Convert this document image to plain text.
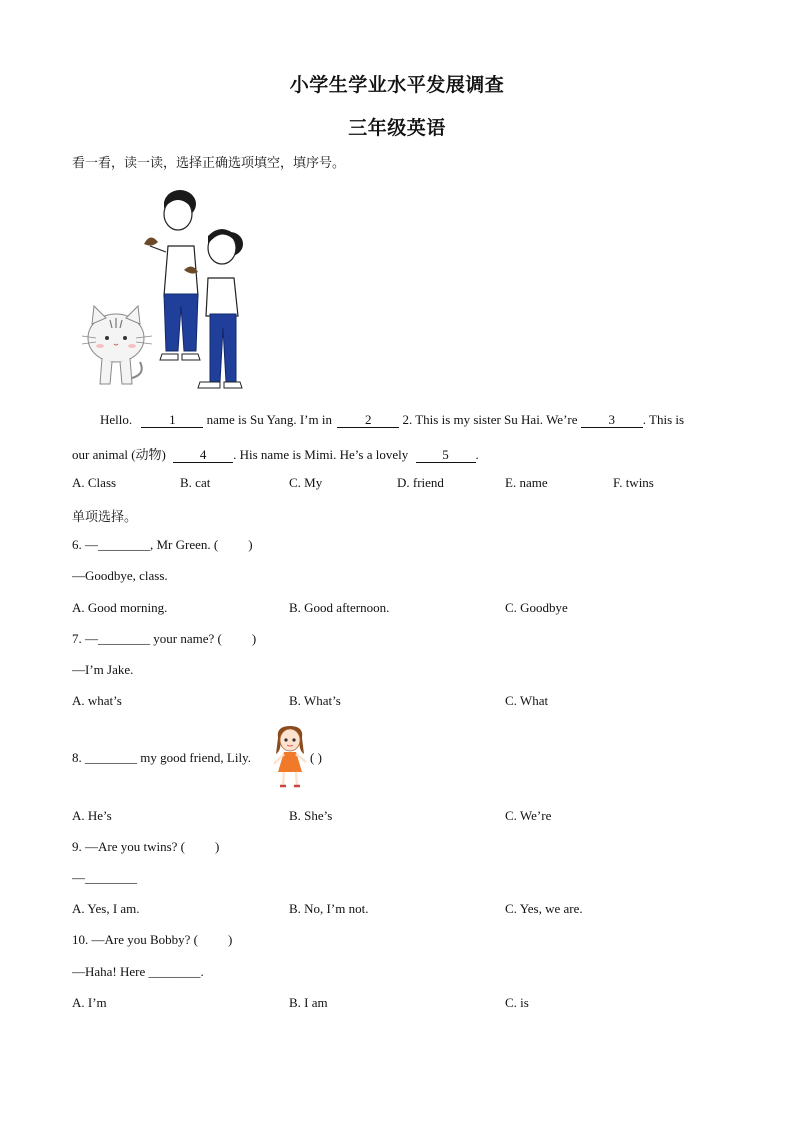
小学生学业水平发展调查
三年级英语
看一看，读一读，选择正确选项填空，填序号。
Hello.	1 name is Su Yang. I’m in	2 2. This is my sister Su Hai. We’re 3 . This is
our animal (动物)	4 . His name is Mimi. He’s a lovely	5 .
A. Class	B. cat	C. My	D. friend	E. name	F. twins
单项选择。
6. —________, Mr Green. ( )
—Goodbye, class.
A. Good morning.	B. Good afternoon.	C. Goodbye
7. —________ your name? ( )
—I’m Jake.
A. what’s	B. What’s	C. What
8. ________ my good friend, Lily.	( )
A. He’s	B. She’s	C. We’re
9. —Are you twins? ( )
—________
A. Yes, I am.	B. No, I’m not.	C. Yes, we are.
10. —Are you Bobby? ( )
—Haha! Here ________.
A. I’m	B. I am	C. is
